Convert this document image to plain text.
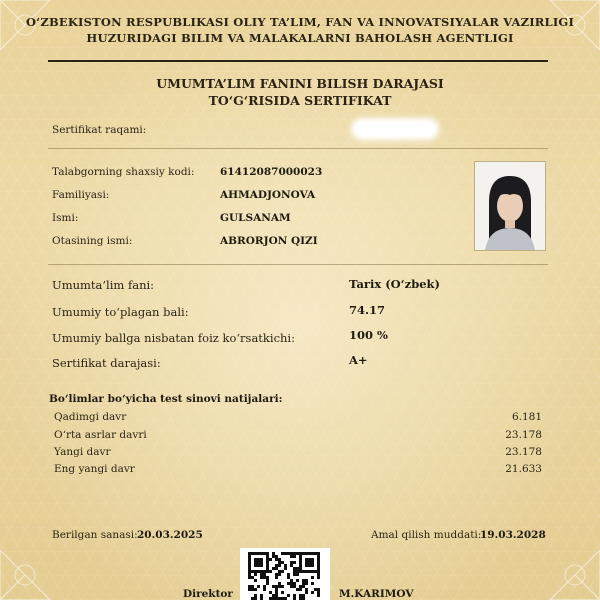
O‘ZBEKISTON RESPUBLIKASI OLIY TA’LIM, FAN VA INNOVATSIYALAR VAZIRLIGI
HUZURIDAGI BILIM VA MALAKALARNI BAHOLASH AGENTLIGI
UMUMTA’LIM FANINI BILISH DARAJASI
TO‘G‘RISIDA SERTIFIKAT
Sertifikat raqami:
Talabgorning shaxsiy kodi: 61412087000023
Familiyasi:	AHMADJONOVA
Ismi:	GULSANAM
Otasining ismi:	ABRORJON QIZI
Umumta’lim fani:	Tarix (O‘zbek)
Umumiy to‘plagan bali:	74.17
Umumiy ballga nisbatan foiz ko‘rsatkichi:	100 %
Sertifikat darajasi:	A+
Bo‘limlar bo‘yicha test sinovi natijalari:
Qadimgi davr	6.181
O‘rta asrlar davri	23.178
Yangi davr	23.178
Eng yangi davr	21.633
Berilgan sanasi: 20.03.2025	Amal qilish muddati:
19.03.2028
Direktor	M.KARIMOV
